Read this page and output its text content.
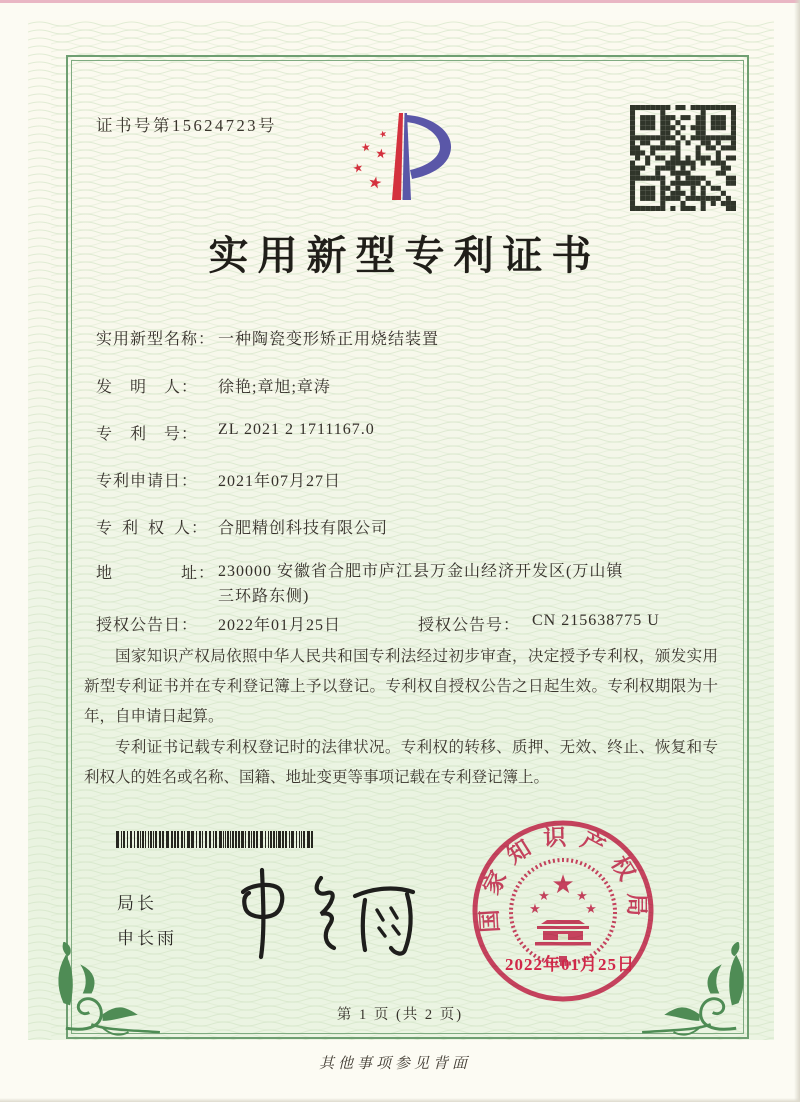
证书号第15624723号	★
★ ★
★
★
实用新型专利证书
实用新型名称： 一种陶瓷变形矫正用烧结装置
发　明　人： 徐艳;章旭;章涛
专　利　号： ZL 2021 2 1711167.0
专利申请日： 2021年07月27日
专 利 权 人： 合肥精创科技有限公司
地　　　　址： 230000 安徽省合肥市庐江县万金山经济开发区(万山镇三环路东侧)
授权公告日： 2022年01月25日	授权公告号： CN 215638775 U

国家知识产权局依照中华人民共和国专利法经过初步审查，决定授予专利权，颁发实用新型专利证书并在专利登记簿上予以登记。专利权自授权公告之日起生效。专利权期限为十年，自申请日起算。

专利证书记载专利权登记时的法律状况。专利权的转移、质押、无效、终止、恢复和专利权人的姓名或名称、国籍、地址变更等事项记载在专利登记簿上。

局长
申长雨
国家知识产权局
★
★ ★
★	★
2022年01月25日
第 1 页 (共 2 页)
其他事项参见背面
